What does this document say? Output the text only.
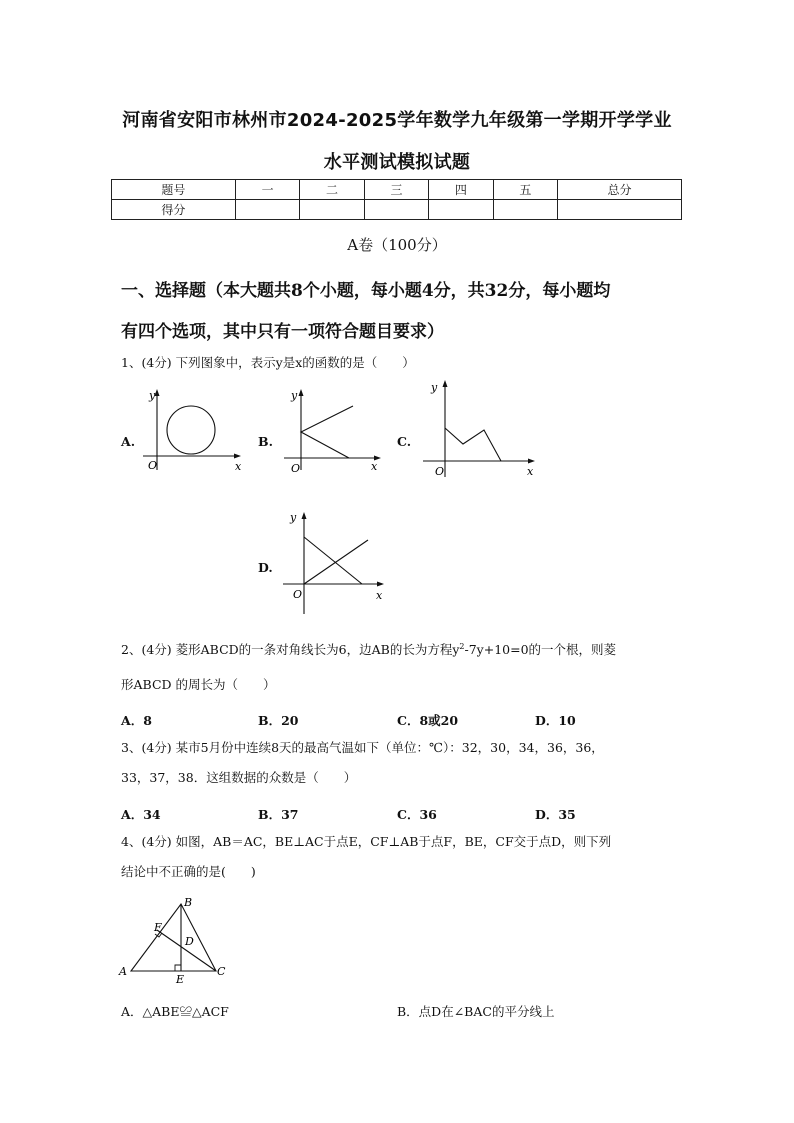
河南省安阳市林州市2024-2025学年数学九年级第一学期开学学业
水平测试模拟试题
题号	一	二	三	四	五	总分
得分						
A卷（100分）
一、选择题（本大题共8个小题，每小题4分，共32分，每小题均
有四个选项，其中只有一项符合题目要求）
1、(4分) 下列图象中，表示y是x的函数的是（　　）
A.
y
x
O
B.
y
x
O
C.
y
x
O
D.
y
x
O
2、(4分) 菱形ABCD的一条对角线长为6，边AB的长为方程$y^2-7y+10=0$的一个根，则菱
形ABCD 的周长为（　　）
A．8	B．20	C．8或20	D．10
3、(4分) 某市5月份中连续8天的最高气温如下（单位：℃）：32，30，34，36，36，
33，37，38．这组数据的众数是（　　）
A．34	B．37	C．36	D．35
4、(4分) 如图，AB＝AC，BE⊥AC于点E，CF⊥AB于点F，BE，CF交于点D，则下列
结论中不正确的是(　　)
A
B
C
D
E
F
A．△ABE≌△ACF	B．点D在∠BAC的平分线上
